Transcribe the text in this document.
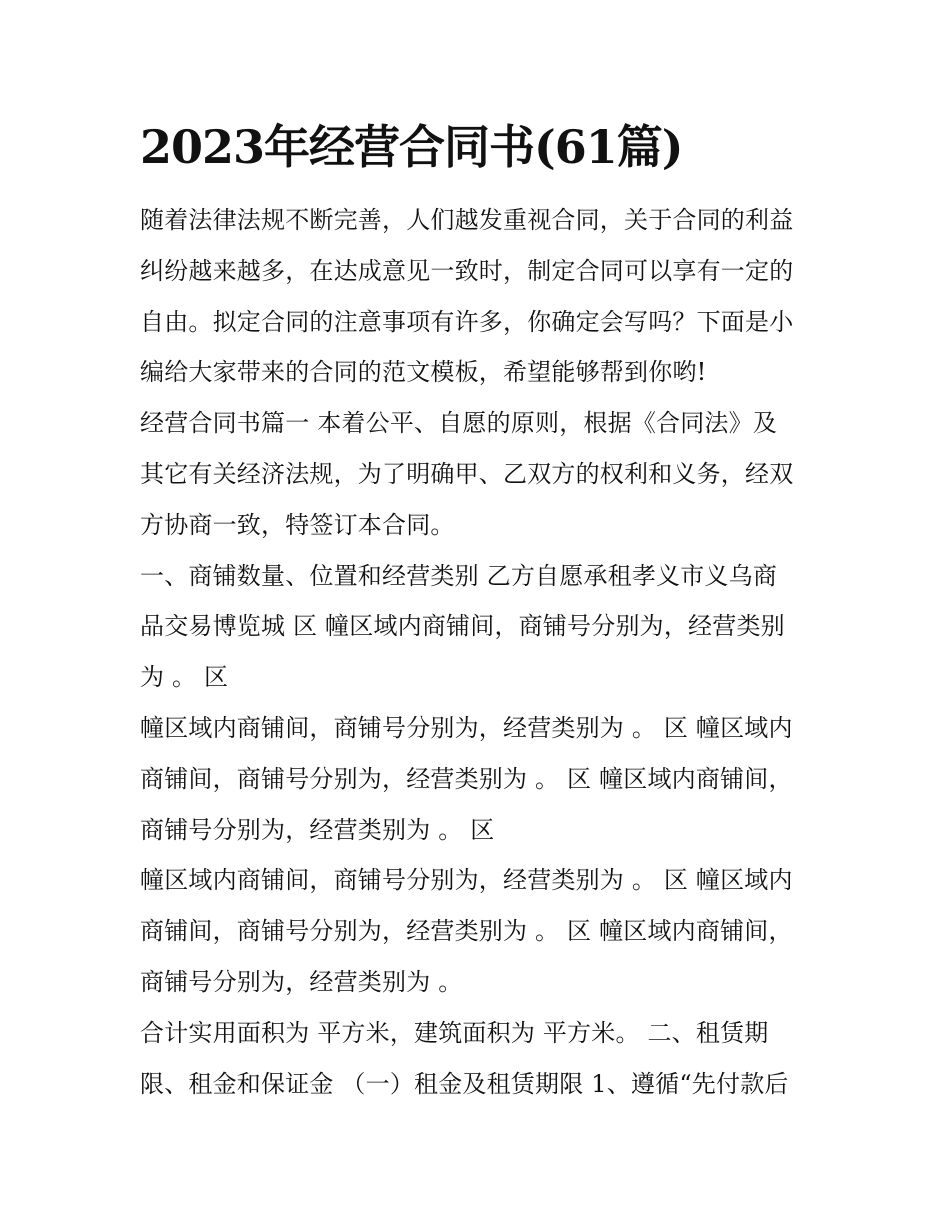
2023年经营合同书(61篇)
随着法律法规不断完善，人们越发重视合同，关于合同的利益
纠纷越来越多，在达成意见一致时，制定合同可以享有一定的
自由。拟定合同的注意事项有许多，你确定会写吗？下面是小
编给大家带来的合同的范文模板，希望能够帮到你哟!
经营合同书篇一 本着公平、自愿的原则，根据《合同法》及
其它有关经济法规，为了明确甲、乙双方的权利和义务，经双
方协商一致，特签订本合同。
一、商铺数量、位置和经营类别 乙方自愿承租孝义市义乌商
品交易博览城 区 幢区域内商铺间，商铺号分别为，经营类别
为 。 区
幢区域内商铺间，商铺号分别为，经营类别为 。 区 幢区域内
商铺间，商铺号分别为，经营类别为 。 区 幢区域内商铺间，
商铺号分别为，经营类别为 。 区
幢区域内商铺间，商铺号分别为，经营类别为 。 区 幢区域内
商铺间，商铺号分别为，经营类别为 。 区 幢区域内商铺间，
商铺号分别为，经营类别为 。
合计实用面积为 平方米，建筑面积为 平方米。 二、租赁期
限、租金和保证金 （一）租金及租赁期限 1、遵循“先付款后
